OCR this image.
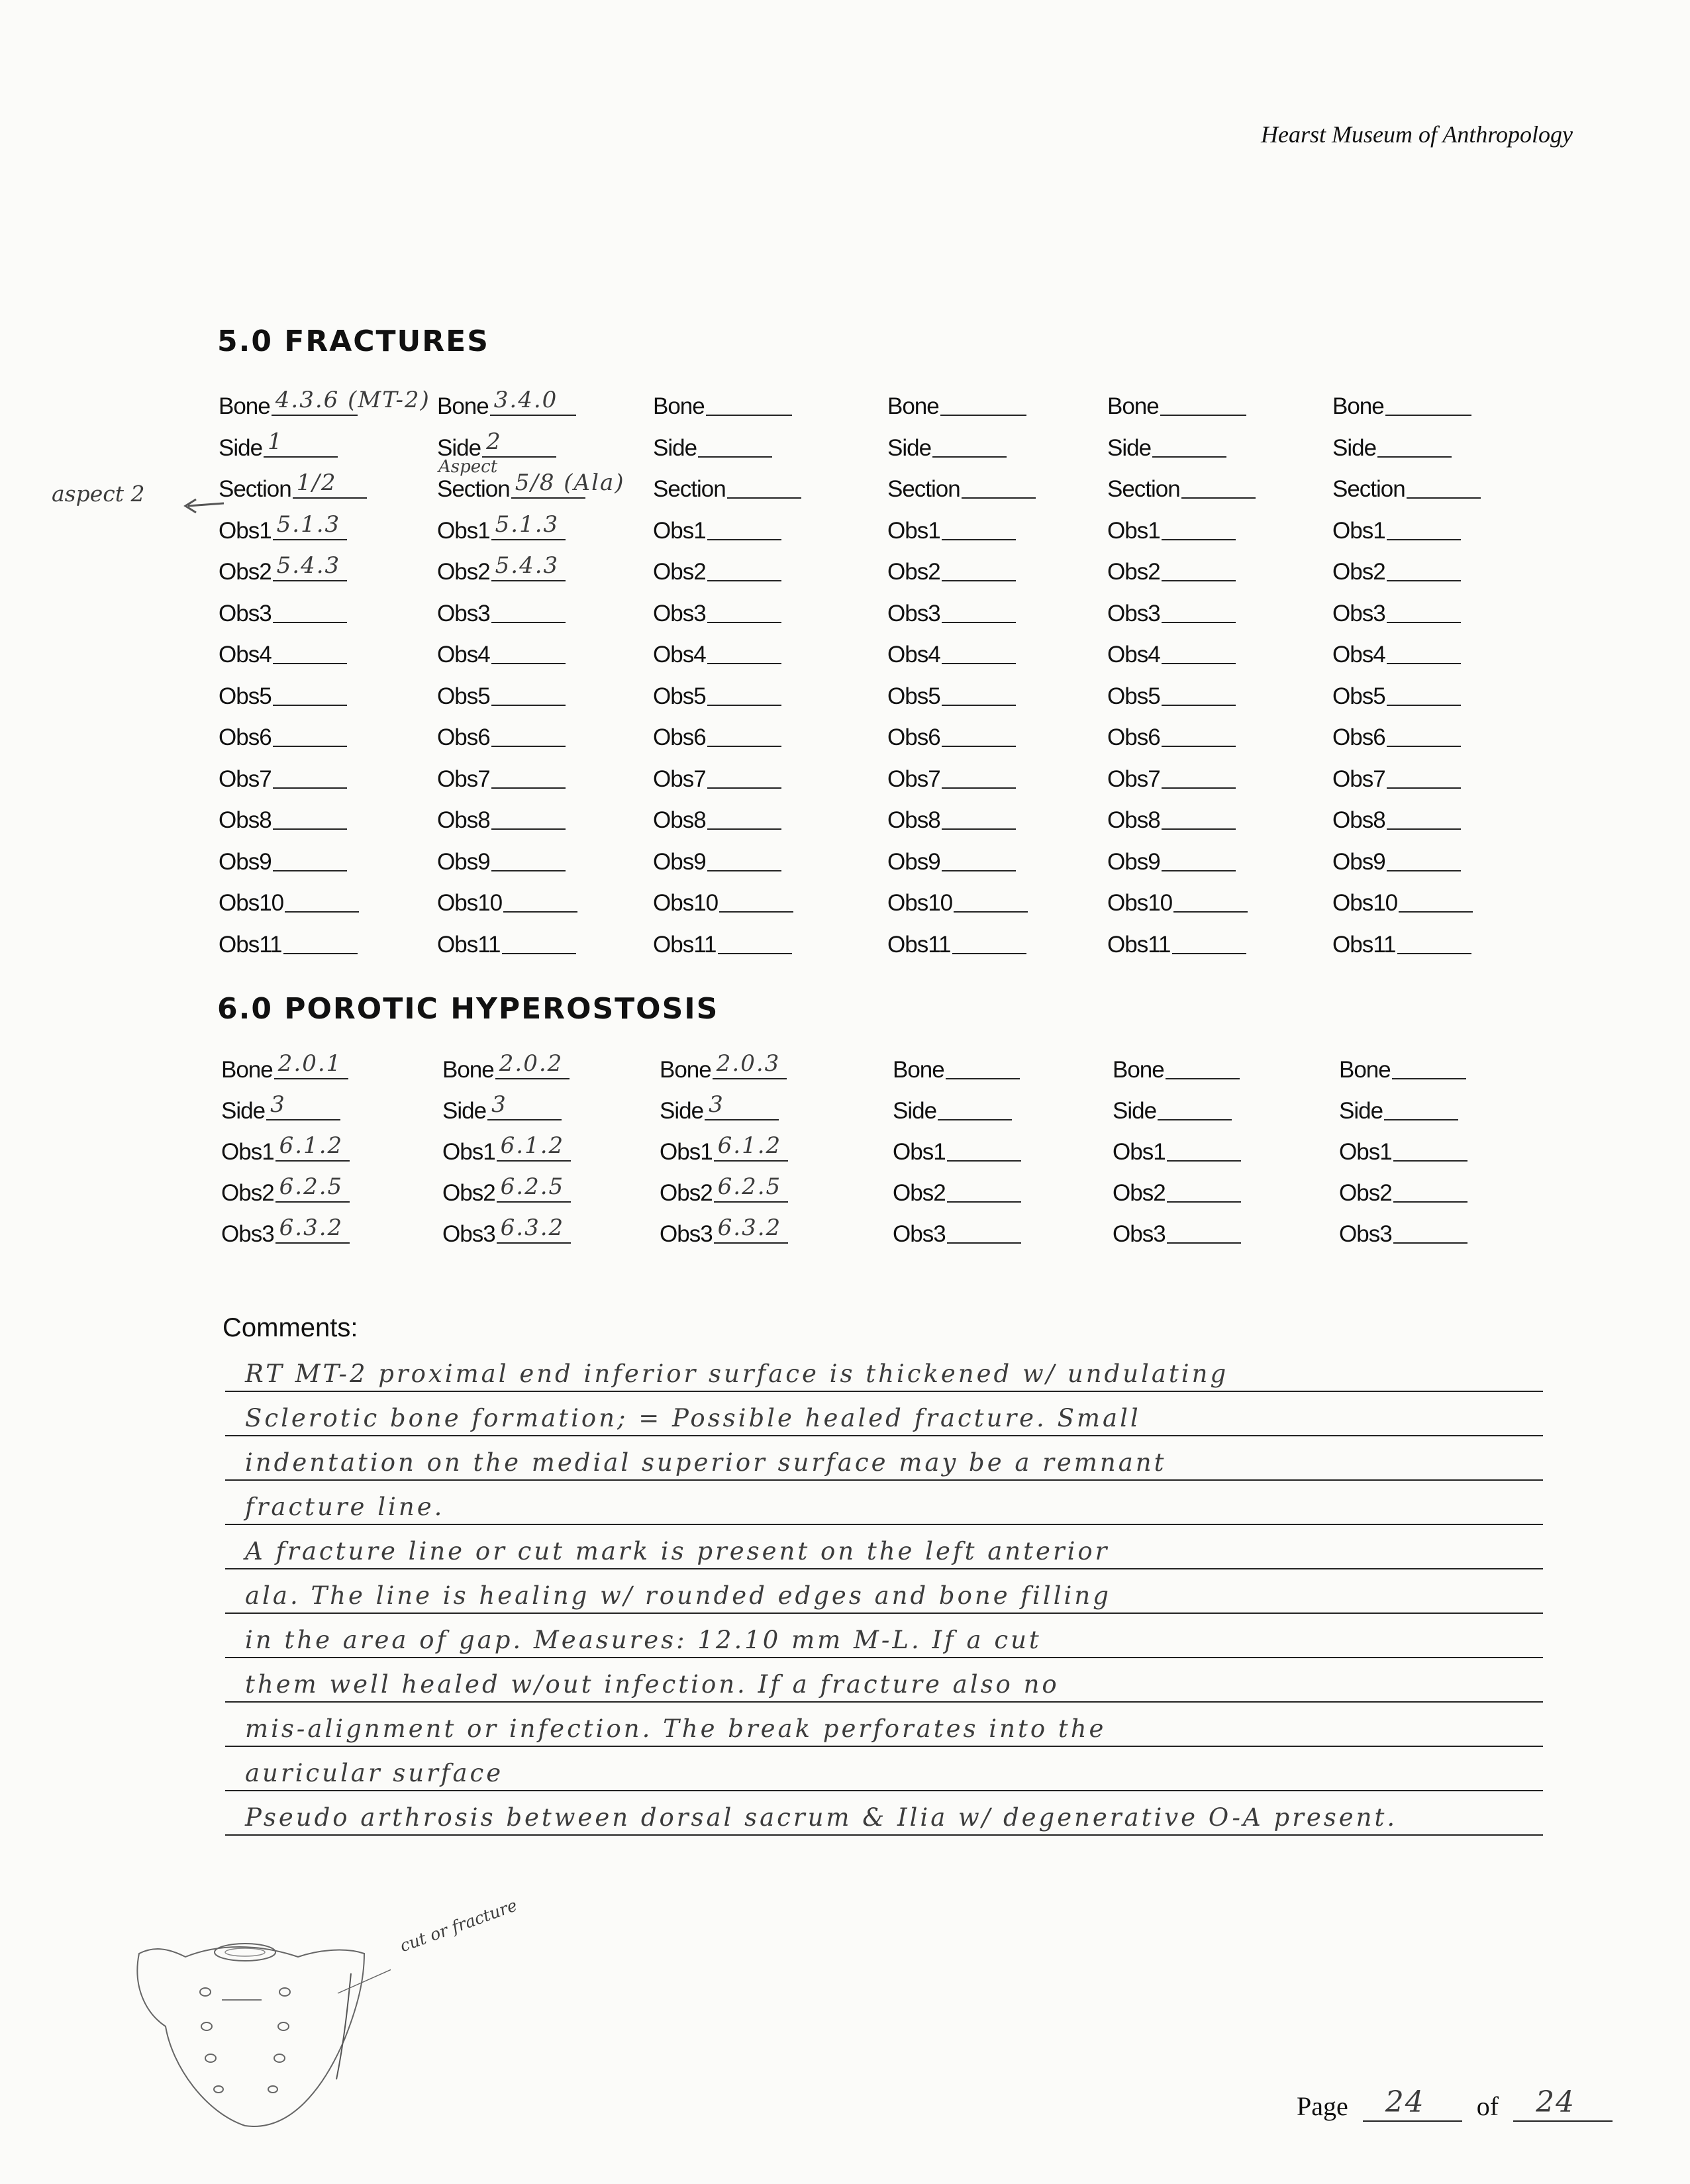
Hearst Museum of Anthropology
5.0 FRACTURES
Bone 4.3.6 (MT-2)
Side 1
Section 1/2
Obs1 5.1.3
Obs2 5.4.3
Obs3
Obs4
Obs5
Obs6
Obs7
Obs8
Obs9
Obs10
Obs11
Bone 3.4.0
Side 2
Section 5/8 (Ala)
Obs1 5.1.3
Obs2 5.4.3
Obs3
Obs4
Obs5
Obs6
Obs7
Obs8
Obs9
Obs10
Obs11
Bone
Side
Section
Obs1
Obs2
Obs3
Obs4
Obs5
Obs6
Obs7
Obs8
Obs9
Obs10
Obs11
Bone
Side
Section
Obs1
Obs2
Obs3
Obs4
Obs5
Obs6
Obs7
Obs8
Obs9
Obs10
Obs11
Bone
Side
Section
Obs1
Obs2
Obs3
Obs4
Obs5
Obs6
Obs7
Obs8
Obs9
Obs10
Obs11
Bone
Side
Section
Obs1
Obs2
Obs3
Obs4
Obs5
Obs6
Obs7
Obs8
Obs9
Obs10
Obs11
6.0 POROTIC HYPEROSTOSIS
Bone 2.0.1
Side 3
Obs1 6.1.2
Obs2 6.2.5
Obs3 6.3.2
Bone 2.0.2
Side 3
Obs1 6.1.2
Obs2 6.2.5
Obs3 6.3.2
Bone 2.0.3
Side 3
Obs1 6.1.2
Obs2 6.2.5
Obs3 6.3.2
Bone
Side
Obs1
Obs2
Obs3
Bone
Side
Obs1
Obs2
Obs3
Bone
Side
Obs1
Obs2
Obs3
aspect 2
Aspect
Comments:
RT MT-2 proximal end inferior surface is thickened w/ undulating
Sclerotic bone formation; = Possible healed fracture. Small
indentation on the medial superior surface may be a remnant
fracture line.
A fracture line or cut mark is present on the left anterior
ala. The line is healing w/ rounded edges and bone filling
in the area of gap. Measures: 12.10 mm M-L. If a cut
them well healed w/out infection. If a fracture also no
mis-alignment or infection. The break perforates into the
auricular surface
Pseudo arthrosis between dorsal sacrum & Ilia w/ degenerative O-A present.
cut or fracture
Page 24 of 24
